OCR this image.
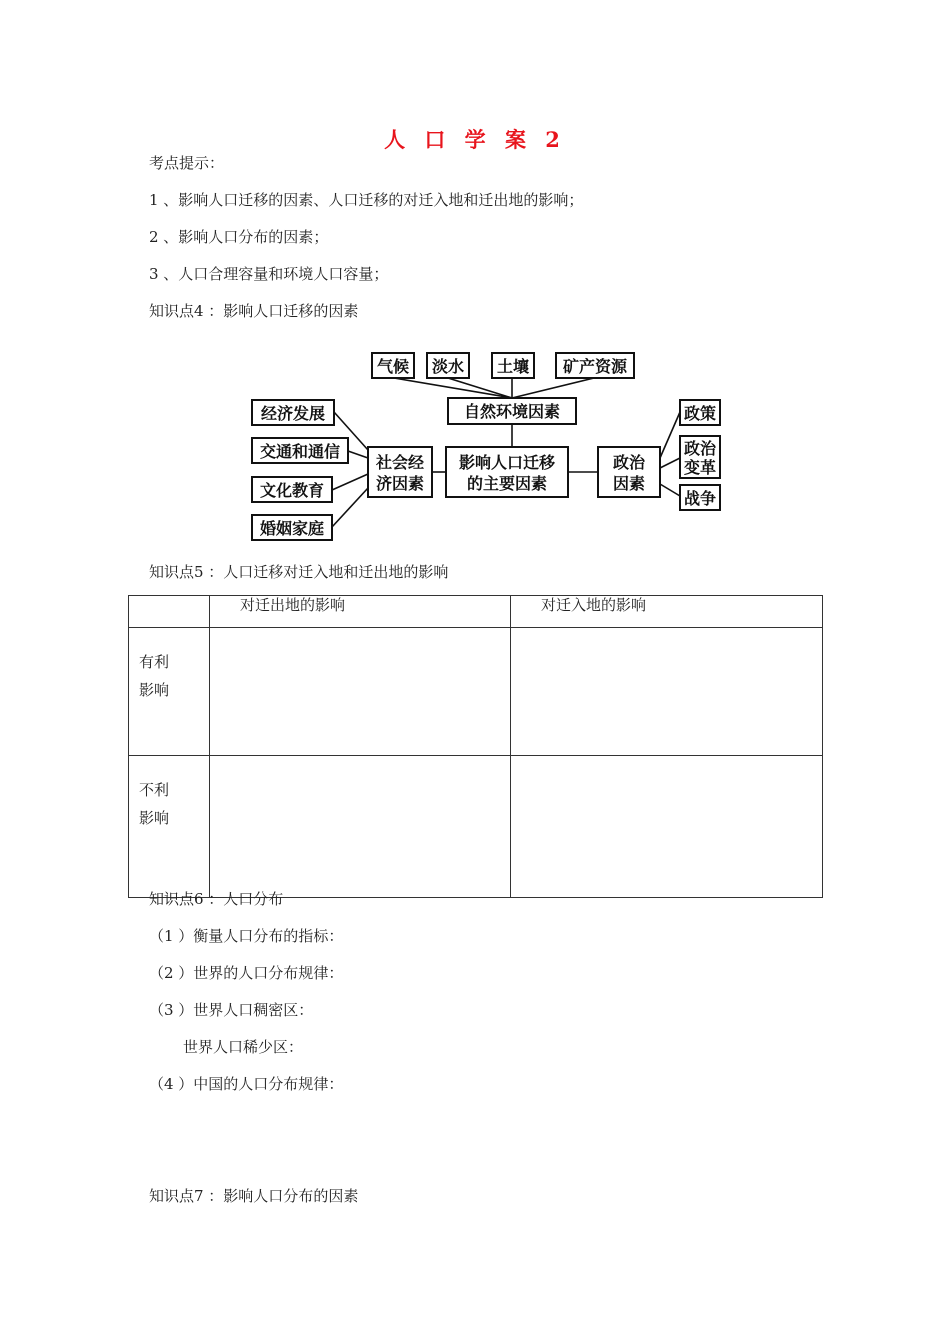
人 口 学 案 2
考点提示：
1 、影响人口迁移的因素、人口迁移的对迁入地和迁出地的影响；
2 、影响人口分布的因素；
3 、人口合理容量和环境人口容量；
知识点4 ：影响人口迁移的因素
气候 淡水 土壤 矿产资源
自然环境因素
经济发展
交通和通信
文化教育
婚姻家庭
社会经
济因素
影响人口迁移
的主要因素
政治
因素
政策
政治
变革
战争
知识点5 ：人口迁移对迁入地和迁出地的影响
	对迁出地的影响	对迁入地的影响

有利
影响		

不利
影响		

知识点6 ：人口分布
（1 ）衡量人口分布的指标：
（2 ）世界的人口分布规律：
（3 ）世界人口稠密区：
世界人口稀少区：
（4 ）中国的人口分布规律：
知识点7 ：影响人口分布的因素
